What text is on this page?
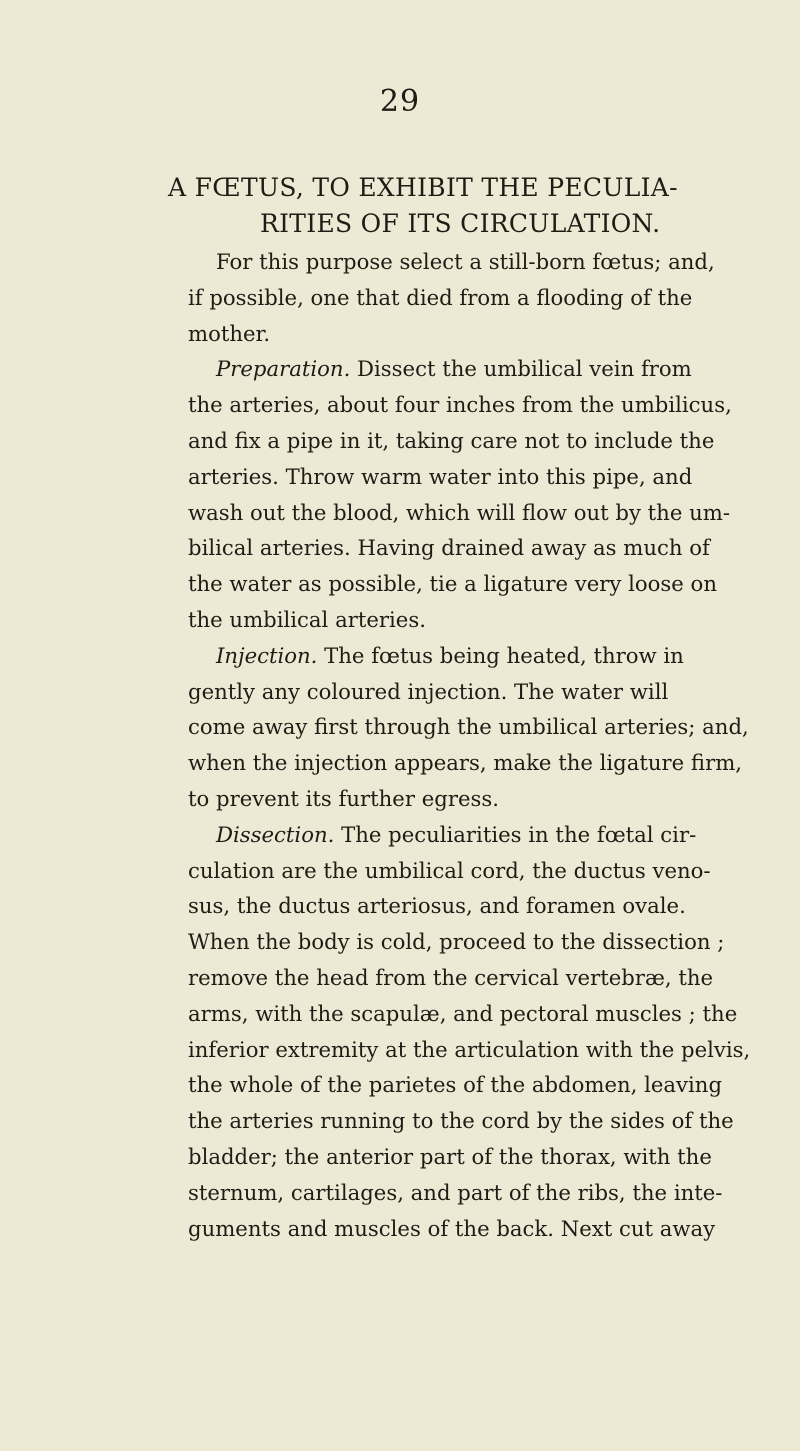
29
A FŒTUS, TO EXHIBIT THE PECULIA-
RITIES OF ITS CIRCULATION.
For this purpose select a still-born fœtus; and,
if possible, one that died from a flooding of the
mother.
Preparation. Dissect the umbilical vein from
the arteries, about four inches from the umbilicus,
and fix a pipe in it, taking care not to include the
arteries. Throw warm water into this pipe, and
wash out the blood, which will flow out by the um-
bilical arteries. Having drained away as much of
the water as possible, tie a ligature very loose on
the umbilical arteries.
Injection. The fœtus being heated, throw in
gently any coloured injection. The water will
come away first through the umbilical arteries; and,
when the injection appears, make the ligature firm,
to prevent its further egress.
Dissection. The peculiarities in the fœtal cir-
culation are the umbilical cord, the ductus veno-
sus, the ductus arteriosus, and foramen ovale.
When the body is cold, proceed to the dissection ;
remove the head from the cervical vertebræ, the
arms, with the scapulæ, and pectoral muscles ; the
inferior extremity at the articulation with the pelvis,
the whole of the parietes of the abdomen, leaving
the arteries running to the cord by the sides of the
bladder; the anterior part of the thorax, with the
sternum, cartilages, and part of the ribs, the inte-
guments and muscles of the back. Next cut away
